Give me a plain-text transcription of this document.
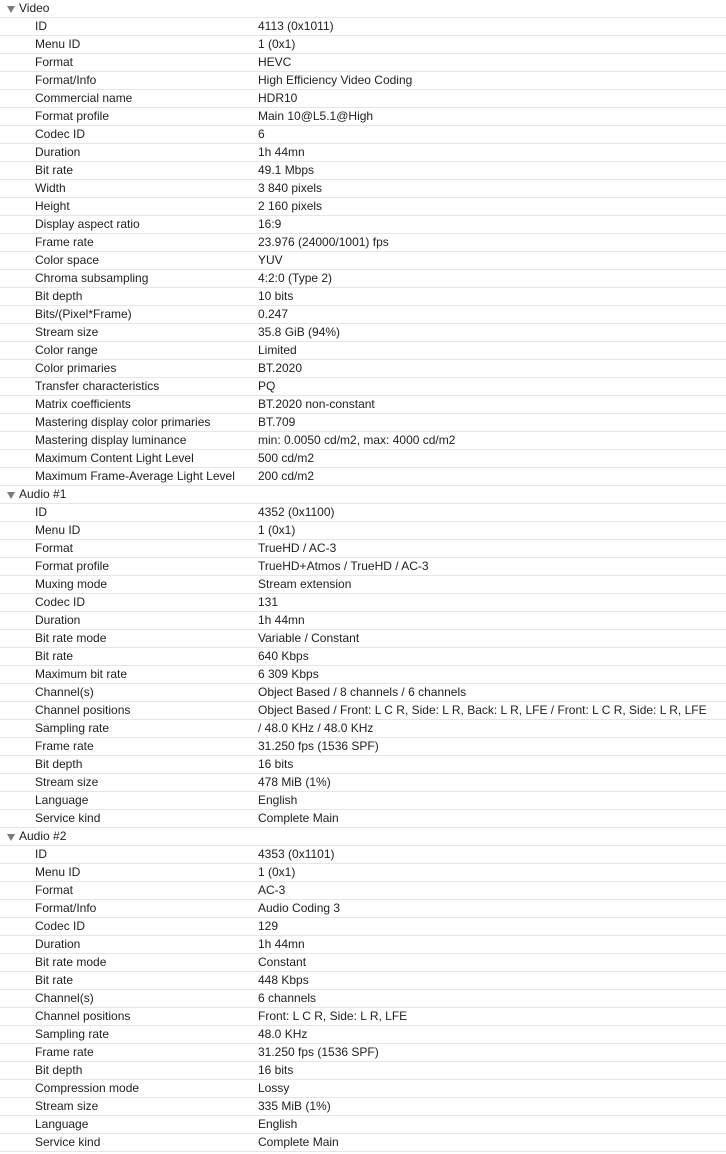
Video
ID	4113 (0x1011)
Menu ID	1 (0x1)
Format	HEVC
Format/Info	High Efficiency Video Coding
Commercial name	HDR10
Format profile	Main 10@L5.1@High
Codec ID	6
Duration	1h 44mn
Bit rate	49.1 Mbps
Width	3 840 pixels
Height	2 160 pixels
Display aspect ratio	16:9
Frame rate	23.976 (24000/1001) fps
Color space	YUV
Chroma subsampling	4:2:0 (Type 2)
Bit depth	10 bits
Bits/(Pixel*Frame)	0.247
Stream size	35.8 GiB (94%)
Color range	Limited
Color primaries	BT.2020
Transfer characteristics	PQ
Matrix coefficients	BT.2020 non-constant
Mastering display color primaries	BT.709
Mastering display luminance	min: 0.0050 cd/m2, max: 4000 cd/m2
Maximum Content Light Level	500 cd/m2
Maximum Frame-Average Light Level 200 cd/m2
Audio #1
ID	4352 (0x1100)
Menu ID	1 (0x1)
Format	TrueHD / AC-3
Format profile	TrueHD+Atmos / TrueHD / AC-3
Muxing mode	Stream extension
Codec ID	131
Duration	1h 44mn
Bit rate mode	Variable / Constant
Bit rate	640 Kbps
Maximum bit rate	6 309 Kbps
Channel(s)	Object Based / 8 channels / 6 channels
Channel positions	Object Based / Front: L C R, Side: L R, Back: L R, LFE / Front: L C R, Side: L R, LFE
Sampling rate	/ 48.0 KHz / 48.0 KHz
Frame rate	31.250 fps (1536 SPF)
Bit depth	16 bits
Stream size	478 MiB (1%)
Language	English
Service kind	Complete Main
Audio #2
ID	4353 (0x1101)
Menu ID	1 (0x1)
Format	AC-3
Format/Info	Audio Coding 3
Codec ID	129
Duration	1h 44mn
Bit rate mode	Constant
Bit rate	448 Kbps
Channel(s)	6 channels
Channel positions	Front: L C R, Side: L R, LFE
Sampling rate	48.0 KHz
Frame rate	31.250 fps (1536 SPF)
Bit depth	16 bits
Compression mode	Lossy
Stream size	335 MiB (1%)
Language	English
Service kind	Complete Main
